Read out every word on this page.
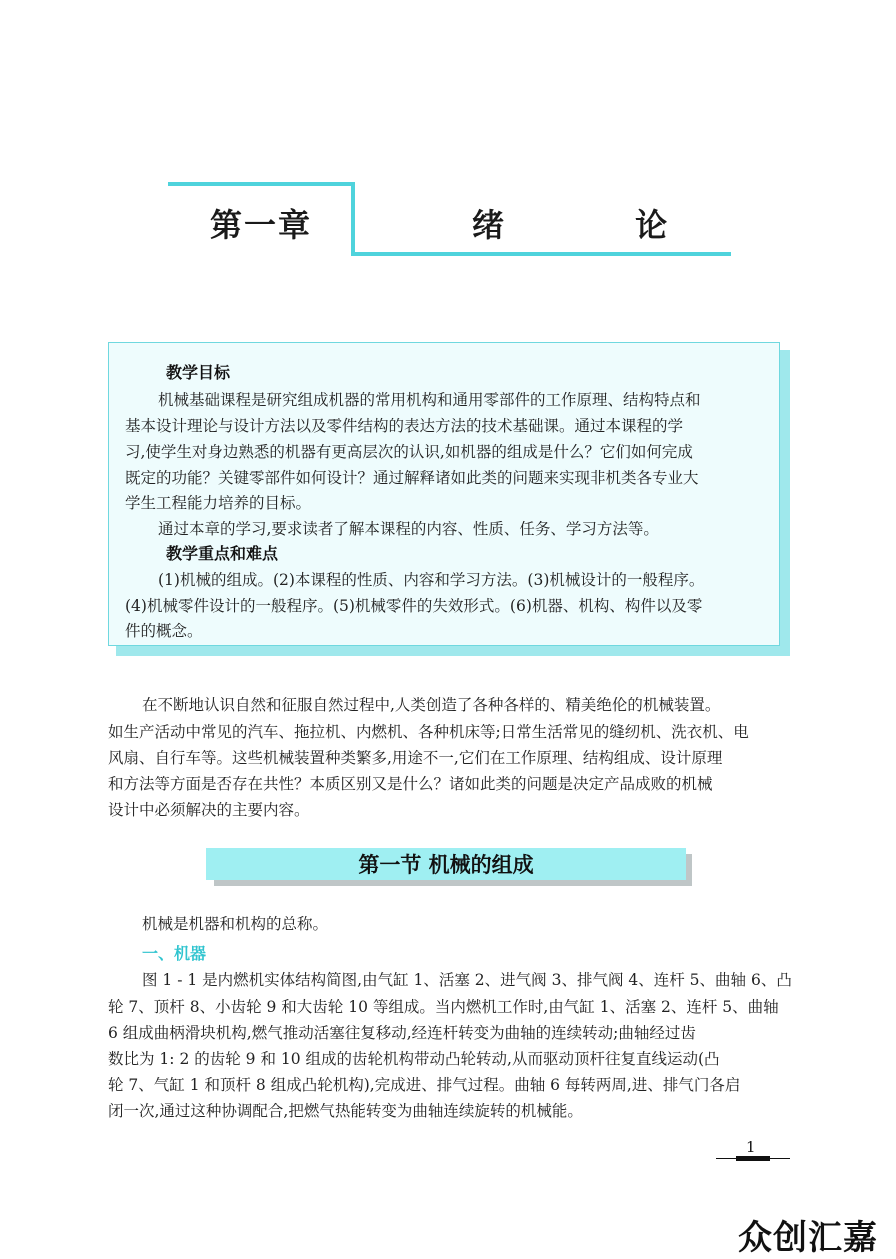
第一章	绪 论
教学目标
机械基础课程是研究组成机器的常用机构和通用零部件的工作原理、结构特点和
基本设计理论与设计方法以及零件结构的表达方法的技术基础课。通过本课程的学
习,使学生对身边熟悉的机器有更高层次的认识,如机器的组成是什么？它们如何完成
既定的功能？关键零部件如何设计？通过解释诸如此类的问题来实现非机类各专业大
学生工程能力培养的目标。
通过本章的学习,要求读者了解本课程的内容、性质、任务、学习方法等。
教学重点和难点
(1)机械的组成。(2)本课程的性质、内容和学习方法。(3)机械设计的一般程序。
(4)机械零件设计的一般程序。(5)机械零件的失效形式。(6)机器、机构、构件以及零
件的概念。
在不断地认识自然和征服自然过程中,人类创造了各种各样的、精美绝伦的机械装置。
如生产活动中常见的汽车、拖拉机、内燃机、各种机床等;日常生活常见的缝纫机、洗衣机、电
风扇、自行车等。这些机械装置种类繁多,用途不一,它们在工作原理、结构组成、设计原理
和方法等方面是否存在共性？本质区别又是什么？诸如此类的问题是决定产品成败的机械
设计中必须解决的主要内容。
第一节 机械的组成
机械是机器和机构的总称。
一、机器
图 1 - 1 是内燃机实体结构简图,由气缸 1、活塞 2、进气阀 3、排气阀 4、连杆 5、曲轴 6、凸
轮 7、顶杆 8、小齿轮 9 和大齿轮 10 等组成。当内燃机工作时,由气缸 1、活塞 2、连杆 5、曲轴
6 组成曲柄滑块机构,燃气推动活塞往复移动,经连杆转变为曲轴的连续转动;曲轴经过齿
数比为 1: 2 的齿轮 9 和 10 组成的齿轮机构带动凸轮转动,从而驱动顶杆往复直线运动(凸
轮 7、气缸 1 和顶杆 8 组成凸轮机构),完成进、排气过程。曲轴 6 每转两周,进、排气门各启
闭一次,通过这种协调配合,把燃气热能转变为曲轴连续旋转的机械能。
1
众创汇嘉
